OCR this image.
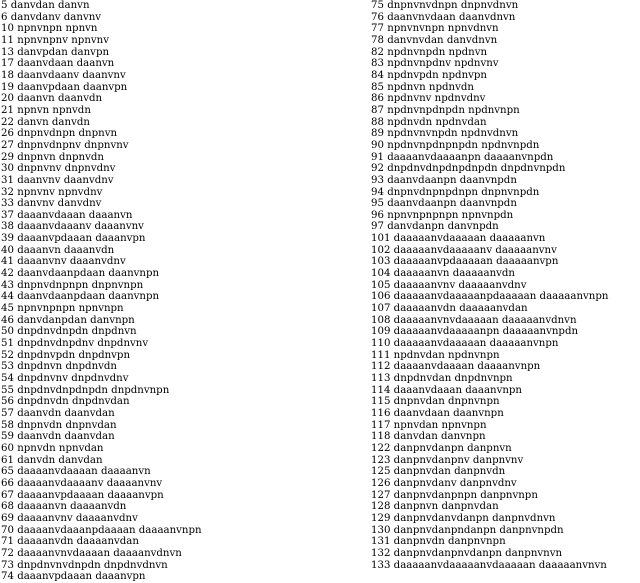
5 danvdan danvn
6 danvdanv danvnv
10 npnvnpn npnvn
11 npnvnpnv npnvnv
13 danvpdan danvpn
17 daanvdaan daanvn
18 daanvdaanv daanvnv
19 daanvpdaan daanvpn
20 daanvn daanvdn
21 npnvn npnvdn
22 danvn danvdn
26 dnpnvdnpn dnpnvn
27 dnpnvdnpnv dnpnvnv
29 dnpnvn dnpnvdn
30 dnpnvnv dnpnvdnv
31 daanvnv daanvdnv
32 npnvnv npnvdnv
33 danvnv danvdnv
37 daaanvdaaan daaanvn
38 daaanvdaaanv daaanvnv
39 daaanvpdaaan daaanvpn
40 daaanvn daaanvdn
41 daaanvnv daaanvdnv
42 daanvdaanpdaan daanvnpn
43 dnpnvdnpnpn dnpnvnpn
44 daanvdaanpdaan daanvnpn
45 npnvnpnpn npnvnpn
46 danvdanpdan danvnpn
50 dnpdnvdnpdn dnpdnvn
51 dnpdnvdnpdnv dnpdnvnv
52 dnpdnvpdn dnpdnvpn
53 dnpdnvn dnpdnvdn
54 dnpdnvnv dnpdnvdnv
55 dnpdnvdnpdnpdn dnpdnvnpn
56 dnpdnvdn dnpdnvdan
57 daanvdn daanvdan
58 dnpnvdn dnpnvdan
59 daanvdn daanvdan
60 npnvdn npnvdan
61 danvdn danvdan
65 daaaanvdaaaan daaaanvn
66 daaaanvdaaaanv daaaanvnv
67 daaaanvpdaaaan daaaanvpn
68 daaaanvn daaaanvdn
69 daaaanvnv daaaanvdnv
70 daaaanvdaaanpdaaaan daaaanvnpn
71 daaaanvdn daaaanvdan
72 daaaanvnvdaaaan daaaanvdnvn
73 dnpdnvnvdnpdn dnpdnvdnvn
74 daaanvpdaaan daaanvpn
75 dnpnvnvdnpn dnpnvdnvn
76 daanvnvdaan daanvdnvn
77 npnvnvnpn npnvdnvn
78 danvnvdan danvdnvn
82 npdnvnpdn npdnvn
83 npdnvnpdnv npdnvnv
84 npdnvpdn npdnvpn
85 npdnvn npdnvdn
86 npdnvnv npdnvdnv
87 npdnvnpdnpdn npdnvnpn
88 npdnvdn npdnvdan
89 npdnvnvnpdn npdnvdnvn
90 npdnvnpdnpnpdn npdnvnpdn
91 daaaanvdaaaanpn daaaanvnpdn
92 dnpdnvdnpdnpdnpdn dnpdnvnpdn
93 daanvdaanpn daanvnpdn
94 dnpnvdnpnpdnpn dnpnvnpdn
95 daanvdaanpn daanvnpdn
96 npnvnpnpnpn npnvnpdn
97 danvdanpn danvnpdn
101 daaaaanvdaaaaan daaaaanvn
102 daaaaanvdaaaaanv daaaaanvnv
103 daaaaanvpdaaaaan daaaaanvpn
104 daaaaanvn daaaaanvdn
105 daaaaanvnv daaaaanvdnv
106 daaaaanvdaaaaanpdaaaaan daaaaanvnpn
107 daaaaanvdn daaaaanvdan
108 daaaaanvnvdaaaaan daaaaanvdnvn
109 daaaaanvdaaaaanpn daaaaanvnpdn
110 daaaaanvdaaaaan daaaaanvnpn
111 npdnvdan npdnvnpn
112 daaaanvdaaaan daaaanvnpn
113 dnpdnvdan dnpdnvnpn
114 daaanvdaaan daaanvnpn
115 dnpnvdan dnpnvnpn
116 daanvdaan daanvnpn
117 npnvdan npnvnpn
118 danvdan danvnpn
122 danpnvdanpn danpnvn
123 danpnvdanpnv danpnvnv
125 danpnvdan danpnvdn
126 danpnvdanv danpnvdnv
127 danpnvdanpnpn danpnvnpn
128 danpnvn danpnvdan
129 danpnvdanvdanpn danpnvdnvn
130 danpnvdanpndanpn danpnvnpdn
131 danpnvdn danpnvnpn
132 danpnvdanpnvdanpn danpnvnvn
133 daaaaanvdaaaaanvdaaaaan daaaaanvnvn
